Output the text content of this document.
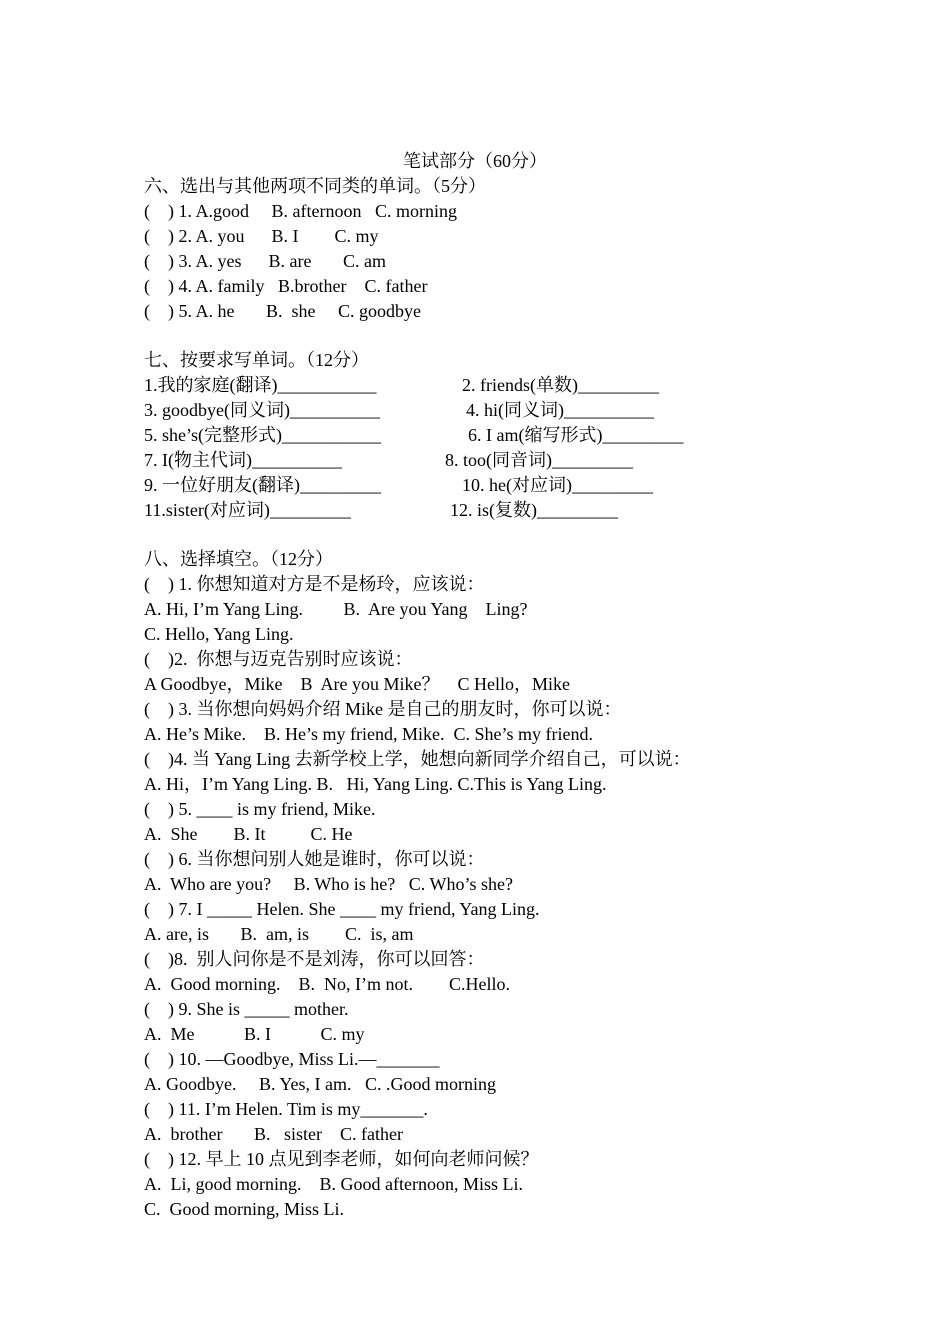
笔试部分（60分）
六、选出与其他两项不同类的单词。（5分）
(    ) 1. A.good     B. afternoon   C. morning
(    ) 2. A. you      B. I        C. my
(    ) 3. A. yes      B. are       C. am
(    ) 4. A. family   B.brother    C. father
(    ) 5. A. he       B.  she     C. goodbye
七、按要求写单词。（12分）
1.我的家庭(翻译)___________	2. friends(单数)_________
3. goodbye(同义词)__________	4. hi(同义词)__________
5. she’s(完整形式)___________	6. I am(缩写形式)_________
7. I(物主代词)__________	8. too(同音词)_________
9. 一位好朋友(翻译)_________	10. he(对应词)_________
11.sister(对应词)_________	12. is(复数)_________
八、选择填空。（12分）
(    ) 1. 你想知道对方是不是杨玲，应该说：
A. Hi, I’m Yang Ling.         B.  Are you Yang    Ling?
C. Hello, Yang Ling.
(    )2.  你想与迈克告别时应该说：
A Goodbye，Mike    B  Are you Mike？    C Hello，Mike
(    ) 3. 当你想向妈妈介绍 Mike 是自己的朋友时，你可以说：
A. He’s Mike.    B. He’s my friend, Mike.  C. She’s my friend.
(    )4. 当 Yang Ling 去新学校上学，她想向新同学介绍自己，可以说：
A. Hi，I’m Yang Ling. B.   Hi, Yang Ling. C.This is Yang Ling.
(    ) 5. ____ is my friend, Mike.
A.  She        B. It          C. He
(    ) 6. 当你想问别人她是谁时，你可以说：
A.  Who are you?     B. Who is he?   C. Who’s she?
(    ) 7. I _____ Helen. She ____ my friend, Yang Ling.
A. are, is       B.  am, is        C.  is, am
(    )8.  别人问你是不是刘涛，你可以回答：
A.  Good morning.    B.  No, I’m not.        C.Hello.
(    ) 9. She is _____ mother.
A.  Me           B. I           C. my
(    ) 10. —Goodbye, Miss Li.—_______
A. Goodbye.     B. Yes, I am.   C. .Good morning
(    ) 11. I’m Helen. Tim is my_______.
A.  brother       B.   sister    C. father
(    ) 12. 早上 10 点见到李老师，如何向老师问候？
A.  Li, good morning.    B. Good afternoon, Miss Li.
C.  Good morning, Miss Li.
